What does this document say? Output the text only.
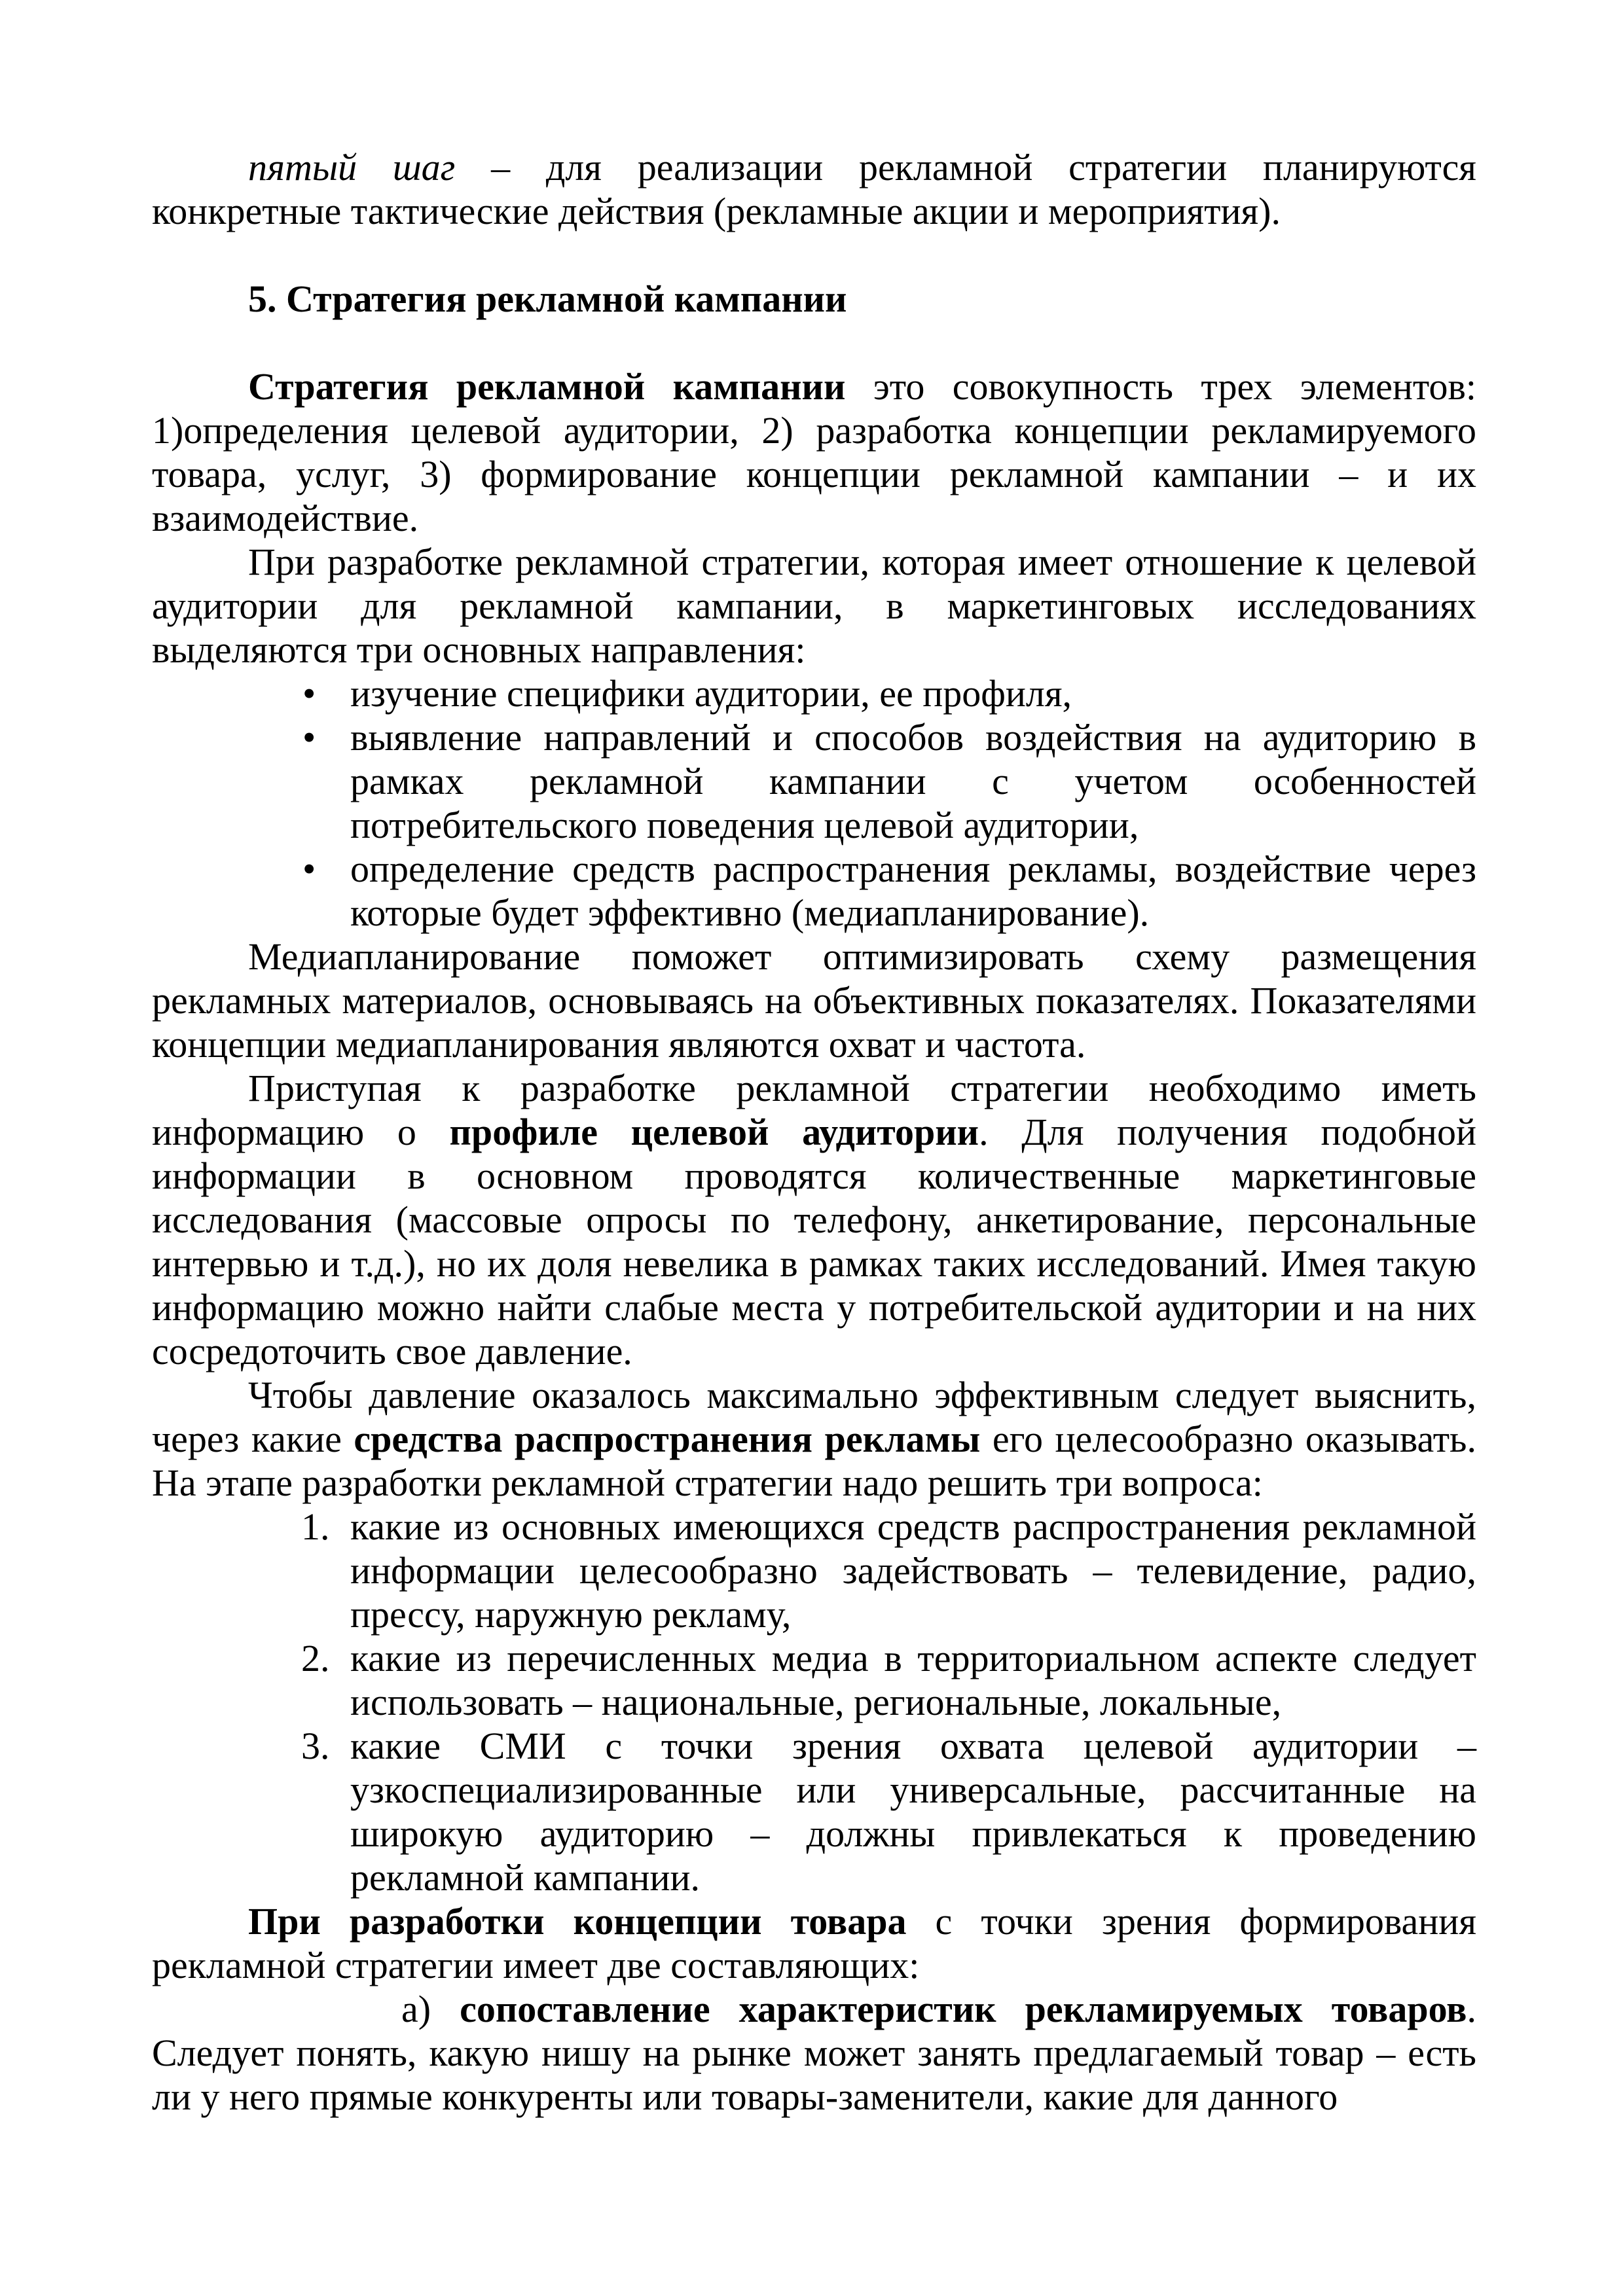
пятый шаг – для реализации рекламной стратегии планируются конкретные тактические действия (рекламные акции и мероприятия).

5. Стратегия рекламной кампании

Стратегия рекламной кампании это совокупность трех элементов: 1)определения целевой аудитории, 2) разработка концепции рекламируемого товара, услуг, 3) формирование концепции рекламной кампании – и их взаимодействие.

При разработке рекламной стратегии, которая имеет отношение к целевой аудитории для рекламной кампании, в маркетинговых исследованиях выделяются три основных направления:

• изучение специфики аудитории, ее профиля,
• выявление направлений и способов воздействия на аудиторию в рамках рекламной кампании с учетом особенностей потребительского поведения целевой аудитории,
• определение средств распространения рекламы, воздействие через которые будет эффективно (медиапланирование).

Медиапланирование поможет оптимизировать схему размещения рекламных материалов, основываясь на объективных показателях. Показателями концепции медиапланирования являются охват и частота.

Приступая к разработке рекламной стратегии необходимо иметь информацию о профиле целевой аудитории. Для получения подобной информации в основном проводятся количественные маркетинговые исследования (массовые опросы по телефону, анкетирование, персональные интервью и т.д.), но их доля невелика в рамках таких исследований. Имея такую информацию можно найти слабые места у потребительской аудитории и на них сосредоточить свое давление.

Чтобы давление оказалось максимально эффективным следует выяснить, через какие средства распространения рекламы его целесообразно оказывать. На этапе разработки рекламной стратегии надо решить три вопроса:

1. какие из основных имеющихся средств распространения рекламной информации целесообразно задействовать – телевидение, радио, прессу, наружную рекламу,
2. какие из перечисленных медиа в территориальном аспекте следует использовать – национальные, региональные, локальные,
3. какие СМИ с точки зрения охвата целевой аудитории – узкоспециализированные или универсальные, рассчитанные на широкую аудиторию – должны привлекаться к проведению рекламной кампании.

При разработки концепции товара с точки зрения формирования рекламной стратегии имеет две составляющих:

а) сопоставление характеристик рекламируемых товаров. Следует понять, какую нишу на рынке может занять предлагаемый товар – есть ли у него прямые конкуренты или товары-заменители, какие для данного
